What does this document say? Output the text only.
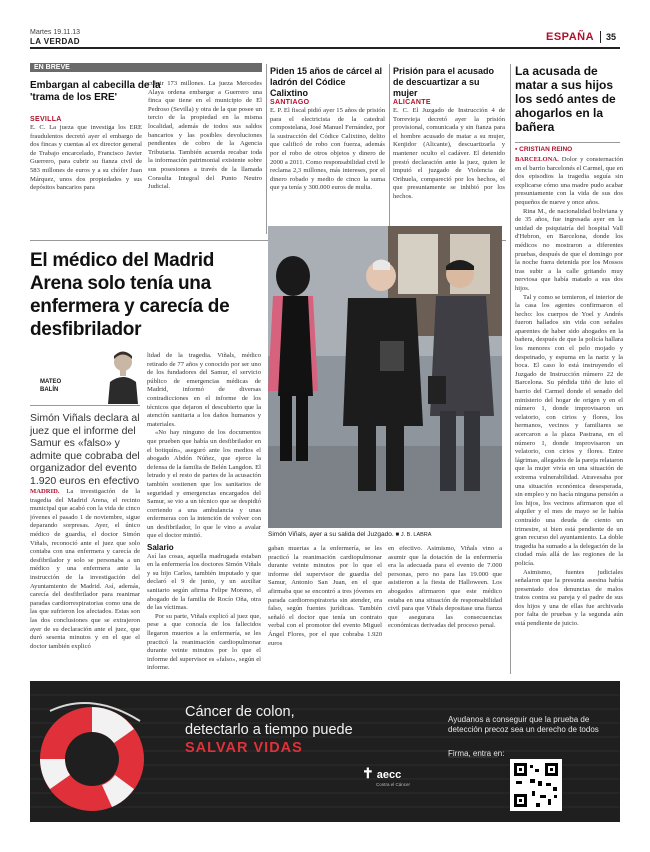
Martes 19.11.13
LA VERDAD	ESPAÑA 35
EN BREVE
Embargan al cabecilla de la 'trama de los ERE'
SEVILLA
E. C. La jueza que investiga los ERE fraudulentos decretó ayer el embargo de dos fincas y cuentas al ex director general de Trabajo encarcelado, Francisco Javier Guerrero, para cubrir su fianza civil de 583 millones de euros y a su chófer Juan Márquez, unos dos propiedades y sus depósitos bancarios para
cubrir 173 millones. La jueza Mercedes Alaya ordena embargar a Guerrero una finca que tiene en el municipio de El Pedroso (Sevilla) y otra de la que posee un tercio de la propiedad en la misma localidad, además de todos sus saldos bancarios y las posibles devoluciones pendientes de cobro de la Agencia Tributaria. También acuerda recabar toda la información patrimonial existente sobre sus posesiones a través de la llamada Consulta Integral del Punto Neutro Judicial.
Piden 15 años de cárcel al ladrón del Códice Calixtino
SANTIAGO
E. P. El fiscal pidió ayer 15 años de prisión para el electricista de la catedral compostelana, José Manuel Fernández, por la sustracción del Códice Calixtino, delito que calificó de robo con fuerza, además por el robo de otros objetos y dinero de 2000 a 2011. Como responsabilidad civil le reclama 2,3 millones, más intereses, por el dinero robado y medio de cinco la suma que ya tenía y 300.000 euros de multa.
Prisión para el acusado de descuartizar a su mujer
ALICANTE
E. C. El Juzgado de Instrucción 4 de Torrevieja decretó ayer la prisión provisional, comunicada y sin fianza para el hombre acusado de matar a su mujer, Kenjidor (Alicante), descuartizarla y mantener oculto el cadáver. El detenido prestó declaración ante la juez, quien le imputó el juzgado de Violencia de Orihuela, compareció por los hechos, el que presuntamente se inhibió por los hechos.
La acusada de matar a sus hijos los sedó antes de ahogarlos en la bañera
▪ CRISTIAN REINO

BARCELONA. Dolor y consternación en el barrio barcelonés el Carmel, que en dos episodios la tragedia seguía sin explicarse cómo una madre pudo acabar presuntamente con la vida de sus dos pequeños de nueve y once años.

Rina M., de nacionalidad boliviana y de 35 años, fue ingresada ayer en la unidad de psiquiatría del hospital Vall d'Hebron, en Barcelona, donde los médicos no mostraron a diferentes pruebas, después de que el domingo por la noche fuera detenida por los Mossos tras subir a la calle gritando muy nerviosa que había matado a sus dos hijos.

Tal y como se temieron, el interior de la casa los agentes confirmaron el hecho: los cuerpos de Yoel y Andrés fueron hallados sin vida con señales aparentes de haber sido ahogados en la bañera, después de que la policía hallara los menores con el pelo mojado y despeinado, y espuma en la nariz y la boca. El caso lo está instruyendo el Juzgado de Instrucción número 22 de Barcelona. Su pérdida tiñó de luto el barrio del Carmel donde el senado del ministerio del hogar de origen y en el número 1, donde improvisaron un velatorio, con cirios y flores, los hermanos, vecinos y familiares se acercaron a la plaza Pastrana, en el número 1, donde improvisaron un velatorio, con cirios y flores. Entre lágrimas, allegados de la pareja relataron que la mujer vivía en una situación de extrema vulnerabilidad. Atravesaba por una situación económica desesperada, sin empleo y no hacía ninguna pensión a los hijos, los vecinos afirmaron que el alquiler y el mes de mayo se le había contraído una deuda de ciento un trimestre, si bien está pendiente de un gran recurso del ayuntamiento. La doble tragedia ha sumado a la delegación de la ciudad más allá de las regiones de la policía.

Asimismo, fuentes judiciales señalaron que la presunta asesina había presentado dos denuncias de malos tratos contra su pareja y el padre de sus dos hijos y una de ellas fue archivada por falta de pruebas y la segunda aún está pendiente de juicio.

El médico del Madrid Arena solo tenía una enfermera y carecía de desfibrilador
MATEO
BALÍN
Simón Viñals declara al juez que el informe del Samur es «falso» y admite que cobraba del organizador del evento 1.920 euros en efectivo

MADRID. La investigación de la tragedia del Madrid Arena, el recinto municipal que acabó con la vida de cinco jóvenes el pasado 1 de noviembre, sigue deparando sorpresas. Ayer, el único médico de guardia, el doctor Simón Viñals, reconoció ante el juez que solo contaba con una enfermera y carecía de desfibrilador y solo se personaba a un médico y una enfermera ante la instrucción de la investigación del Ayuntamiento de Madrid. Así, además, carecía del desfibrilador para reanimar paradas cardiorrespiratorias como una de las que sufrieron los afectados. Estas son las dos conclusiones que se extrajeron ayer de su declaración ante el juez, que duró sesenta minutos y en el que el doctor también explicó

lidad de la tragedia. Viñals, médico retirado de 77 años y conocido por ser uno de los fundadores del Samur, el servicio público de emergencias médicas de Madrid, informó de diversas contradicciones en el informe de los técnicos que dejaron el descubierto que la atención sanitaria a los daños humanos y materiales.

«No hay ninguno de los documentos que prueben que había un desfibrilador en el botiquín», aseguró ante los medios el abogado Abdón Núñez, que ejerce la defensa de la familia de Belén Langdon. El letrado y el resto de partes de la acusación también sostienen que los sanitarios de seguridad y emergencias encargados del Samur, se vio a un técnico que se despidió corriendo a una ambulancia y unas enfermeras con la intención de volver con un desfibrilador, lo que le vino a avalar que el doctor mintió.

Salario

Así las cosas, aquella madrugada estaban en la enfermería los doctores Simón Viñals y su hijo Carlos, también imputado y que declaró el 9 de junio, y un auxiliar sanitario según afirma Felipe Moreno, el abogado de la familia de Rocío Oña, otra de las víctimas.

Por su parte, Viñals explicó al juez que, pese a que conocía de los fallecidos llegaron muertos a la enfermería, se les practicó la reanimación cardiopulmonar durante veinte minutos por lo que el informe del supervisor es «falso», según el informe.

Simón Viñals, ayer a su salida del Juzgado. ■ J. B. LABRA
gaban muertas a la enfermería, se les practicó la reanimación cardiopulmonar durante veinte minutos por lo que el informe del supervisor de guardia del Samur, Antonio San Juan, en el que afirmaba que se encontró a tres jóvenes en parada cardiorrespiratoria sin atender, era falso, según fuentes jurídicas. También señaló el doctor que tenía un contrato verbal con el promotor del evento Miguel Ángel Flores, por el que cobraba 1.920 euros
en efectivo. Asimismo, Viñals vino a asumir que la dotación de la enfermería era la adecuada para el evento de 7.000 personas, pero no para las 19.000 que asistieron a la fiesta de Halloween. Los abogados afirmaron que este médico estaba en una situación de responsabilidad civil para que Viñals depositase una fianza que asegurara las consecuencias económicas derivadas del proceso penal.
Cáncer de colon,
detectarlo a tiempo puede
SALVAR VIDAS
✝ aecc
Contra el Cáncer
Ayudanos a conseguir que la prueba de detección precoz sea un derecho de todos
Firma, entra en:
